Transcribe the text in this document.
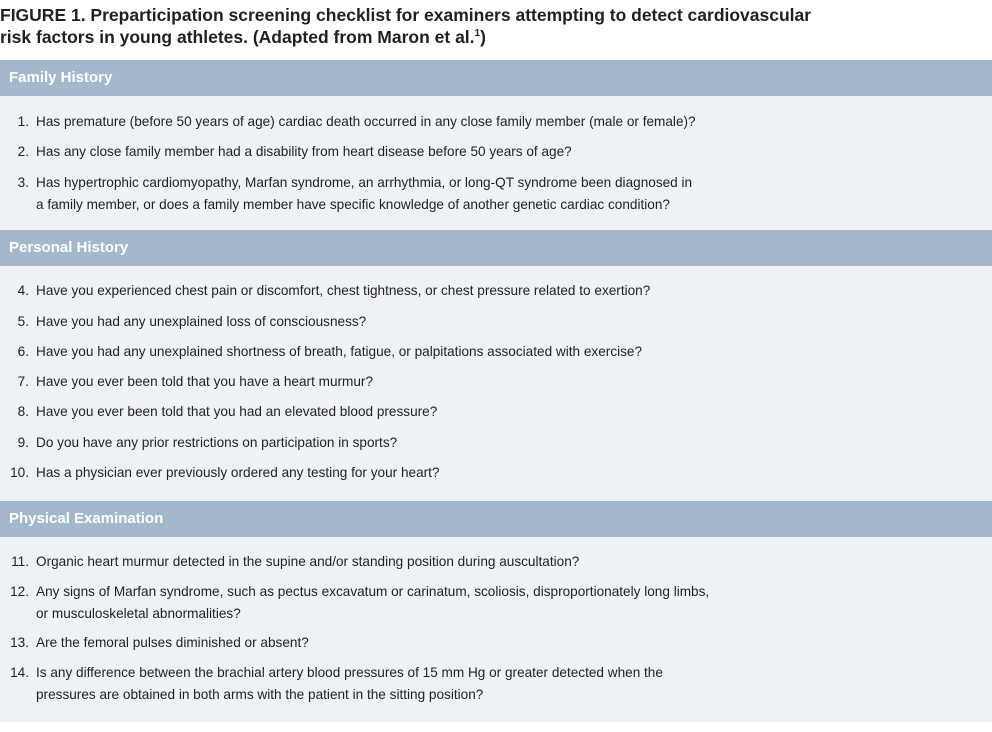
FIGURE 1. Preparticipation screening checklist for examiners attempting to detect cardiovascular
risk factors in young athletes. (Adapted from Maron et al.$^1$)
Family History
1. Has premature (before 50 years of age) cardiac death occurred in any close family member (male or female)?
2. Has any close family member had a disability from heart disease before 50 years of age?
3. Has hypertrophic cardiomyopathy, Marfan syndrome, an arrhythmia, or long-QT syndrome been diagnosed in
a family member, or does a family member have specific knowledge of another genetic cardiac condition?
Personal History
4. Have you experienced chest pain or discomfort, chest tightness, or chest pressure related to exertion?
5. Have you had any unexplained loss of consciousness?
6. Have you had any unexplained shortness of breath, fatigue, or palpitations associated with exercise?
7. Have you ever been told that you have a heart murmur?
8. Have you ever been told that you had an elevated blood pressure?
9. Do you have any prior restrictions on participation in sports?
10. Has a physician ever previously ordered any testing for your heart?
Physical Examination
11. Organic heart murmur detected in the supine and/or standing position during auscultation?
12. Any signs of Marfan syndrome, such as pectus excavatum or carinatum, scoliosis, disproportionately long limbs,
or musculoskeletal abnormalities?
13. Are the femoral pulses diminished or absent?
14. Is any difference between the brachial artery blood pressures of 15 mm Hg or greater detected when the
pressures are obtained in both arms with the patient in the sitting position?
